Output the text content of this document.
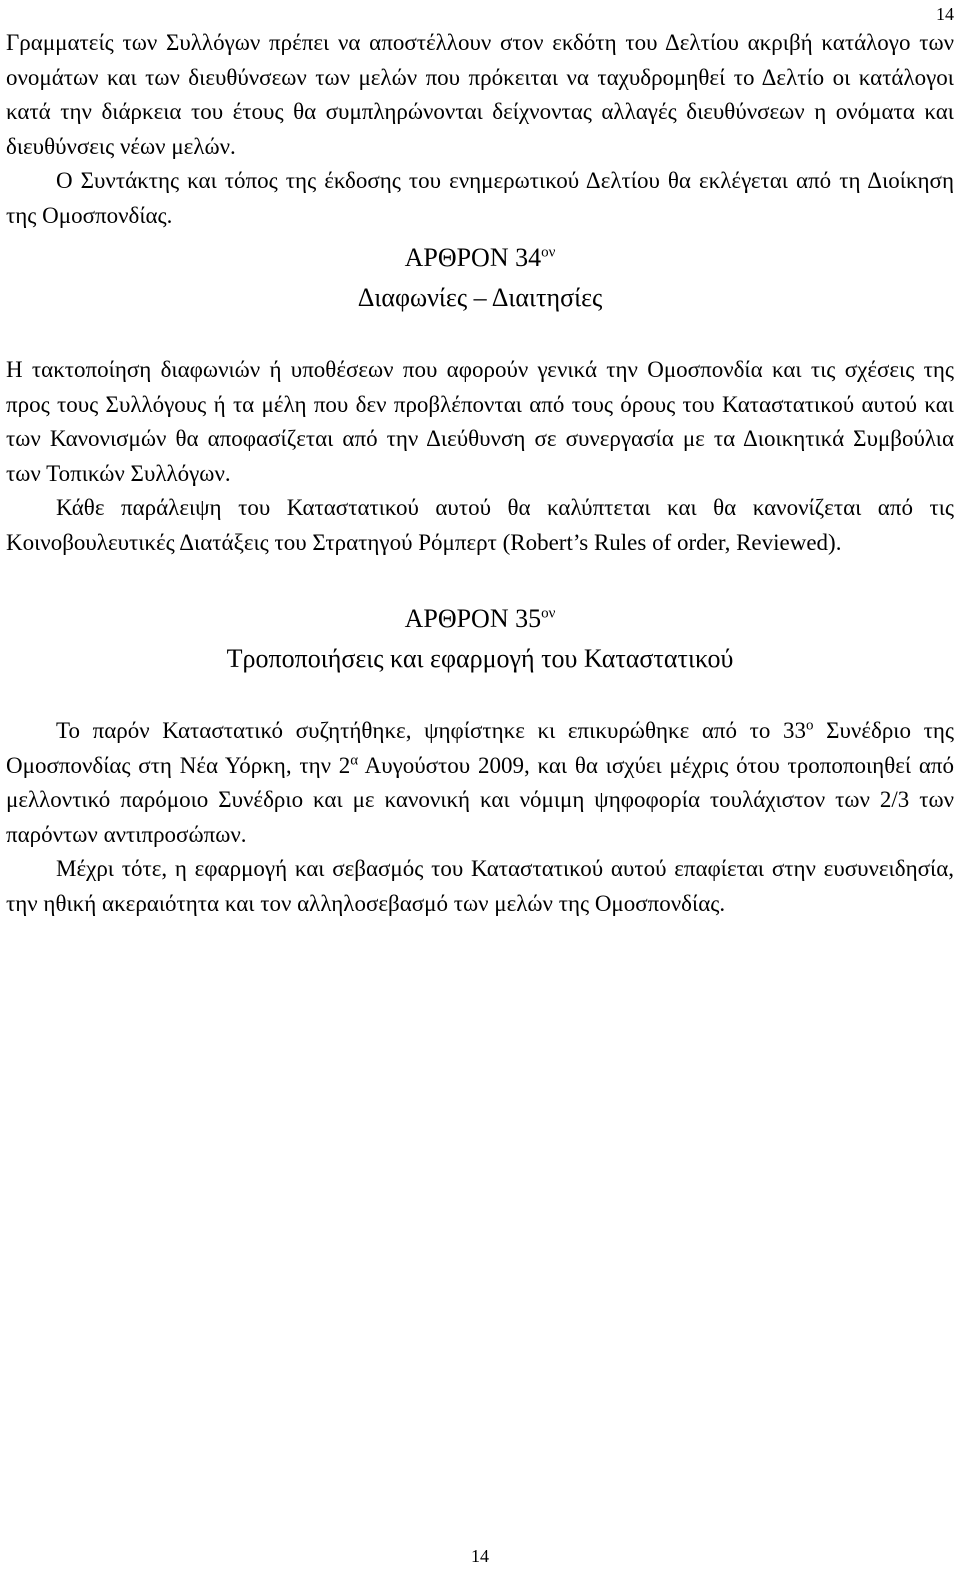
14

Γραμματείς των Συλλόγων πρέπει να αποστέλλουν στον εκδότη του Δελτίου ακριβή κατάλογο των ονομάτων και των διευθύνσεων των μελών που πρόκειται να ταχυδρομηθεί το Δελτίο οι κατάλογοι κατά την διάρκεια του έτους θα συμπληρώνονται δείχνοντας αλλαγές διευθύνσεων η ονόματα και διευθύνσεις νέων μελών.

Ο Συντάκτης και τόπος της έκδοσης του ενημερωτικού Δελτίου θα εκλέγεται από τη Διοίκηση της Ομοσπονδίας.

ΑΡΘΡΟΝ $34^{o\nu}$
Διαφωνίες – Διαιτησίες

Η τακτοποίηση διαφωνιών ή υποθέσεων που αφορούν γενικά την Ομοσπονδία και τις σχέσεις της προς τους Συλλόγους ή τα μέλη που δεν προβλέπονται από τους όρους του Καταστατικού αυτού και των Κανονισμών θα αποφασίζεται από την Διεύθυνση σε συνεργασία με τα Διοικητικά Συμβούλια των Τοπικών Συλλόγων.

Κάθε παράλειψη του Καταστατικού αυτού θα καλύπτεται και θα κανονίζεται από τις Κοινοβουλευτικές Διατάξεις του Στρατηγού Ρόμπερτ (Robert’s Rules of order, Reviewed).

ΑΡΘΡΟΝ $35^{o\nu}$
Τροποποιήσεις και εφαρμογή του Καταστατικού

Το παρόν Καταστατικό συζητήθηκε, ψηφίστηκε κι επικυρώθηκε από το $33^o$ Συνέδριο της Ομοσπονδίας στη Νέα Υόρκη, την $2^\alpha$ Αυγούστου 2009, και θα ισχύει μέχρις ότου τροποποιηθεί από μελλοντικό παρόμοιο Συνέδριο και με κανονική και νόμιμη ψηφοφορία τουλάχιστον των 2/3 των παρόντων αντιπροσώπων.

Μέχρι τότε, η εφαρμογή και σεβασμός του Καταστατικού αυτού επαφίεται στην ευσυνειδησία, την ηθική ακεραιότητα και τον αλληλοσεβασμό των μελών της Ομοσπονδίας.

14
